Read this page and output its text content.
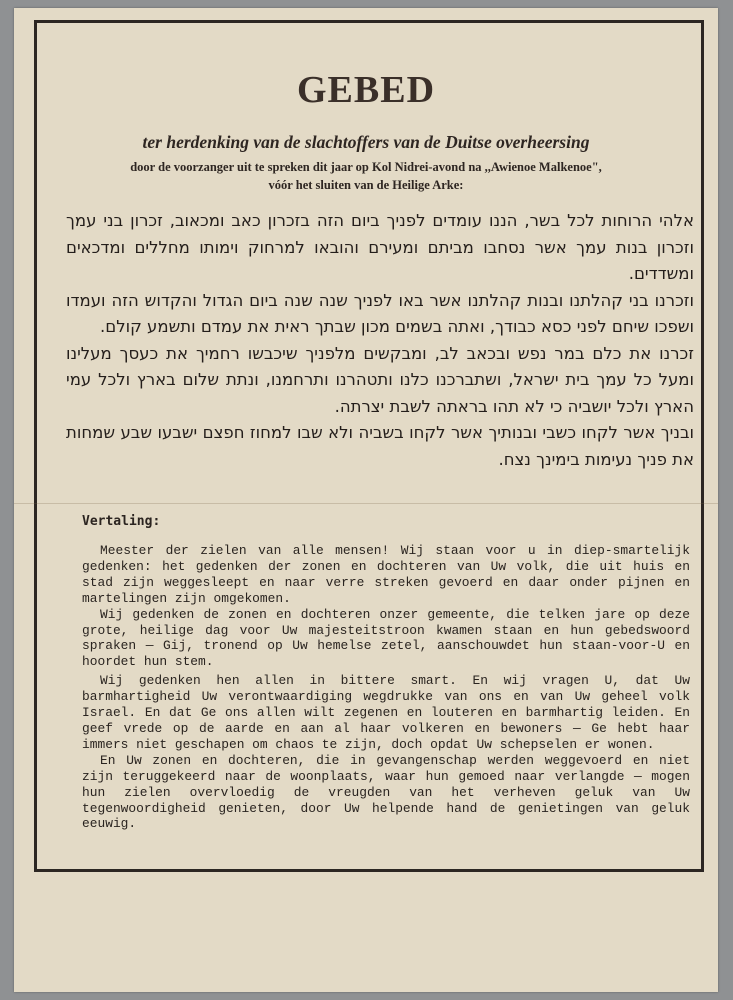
GEBED
ter herdenking van de slachtoffers van de Duitse overheersing
door de voorzanger uit te spreken dit jaar op Kol Nidrei-avond na ,,Awienoe Malkenoe",
vóór het sluiten van de Heilige Arke:

אלהי הרוחות לכל בשר, הננו עומדים לפניך ביום הזה בזכרון כאב ומכאוב, זכרון בני עמך וזכרון בנות עמך אשר נסחבו מביתם ומעירם והובאו למרחוק וימותו מחללים ומדכאים ומשדדים.

וזכרנו בני קהלתנו ובנות קהלתנו אשר באו לפניך שנה שנה ביום הגדול והקדוש הזה ועמדו ושפכו שיחם לפני כסא כבודך, ואתה בשמים מכון שבתך ראית את עמדם ותשמע קולם.

זכרנו את כלם במר נפש ובכאב לב, ומבקשים מלפניך שיכבשו רחמיך את כעסך מעלינו ומעל כל עמך בית ישראל, ושתברכנו כלנו ותטהרנו ותרחמנו, ונתת שלום בארץ ולכל עמי הארץ ולכל יושביה כי לא תהו בראתה לשבת יצרתה.

ובניך אשר לקחו כשבי ובנותיך אשר לקחו בשביה ולא שבו למחוז חפצם ישבעו שבע שמחות את פניך נעימות בימינך נצח.

Vertaling:

Meester der zielen van alle mensen! Wij staan voor u in diep-smartelijk gedenken: het gedenken der zonen en dochteren van Uw volk, die uit huis en stad zijn weggesleept en naar verre streken gevoerd en daar onder pijnen en martelingen zijn omgekomen.

Wij gedenken de zonen en dochteren onzer gemeente, die telken jare op deze grote, heilige dag voor Uw majesteitstroon kwamen staan en hun gebedswoord spraken — Gij, tronend op Uw hemelse zetel, aanschouwdet hun staan-voor-U en hoordet hun stem.

Wij gedenken hen allen in bittere smart. En wij vragen U, dat Uw barmhartigheid Uw verontwaardiging wegdrukke van ons en van Uw geheel volk Israel. En dat Ge ons allen wilt zegenen en louteren en barmhartig leiden. En geef vrede op de aarde en aan al haar volkeren en bewoners — Ge hebt haar immers niet geschapen om chaos te zijn, doch opdat Uw schepselen er wonen.

En Uw zonen en dochteren, die in gevangenschap werden weggevoerd en niet zijn teruggekeerd naar de woonplaats, waar hun gemoed naar verlangde — mogen hun zielen overvloedig de vreugden van het verheven geluk van Uw tegenwoordigheid genieten, door Uw helpende hand de genietingen van geluk eeuwig.
